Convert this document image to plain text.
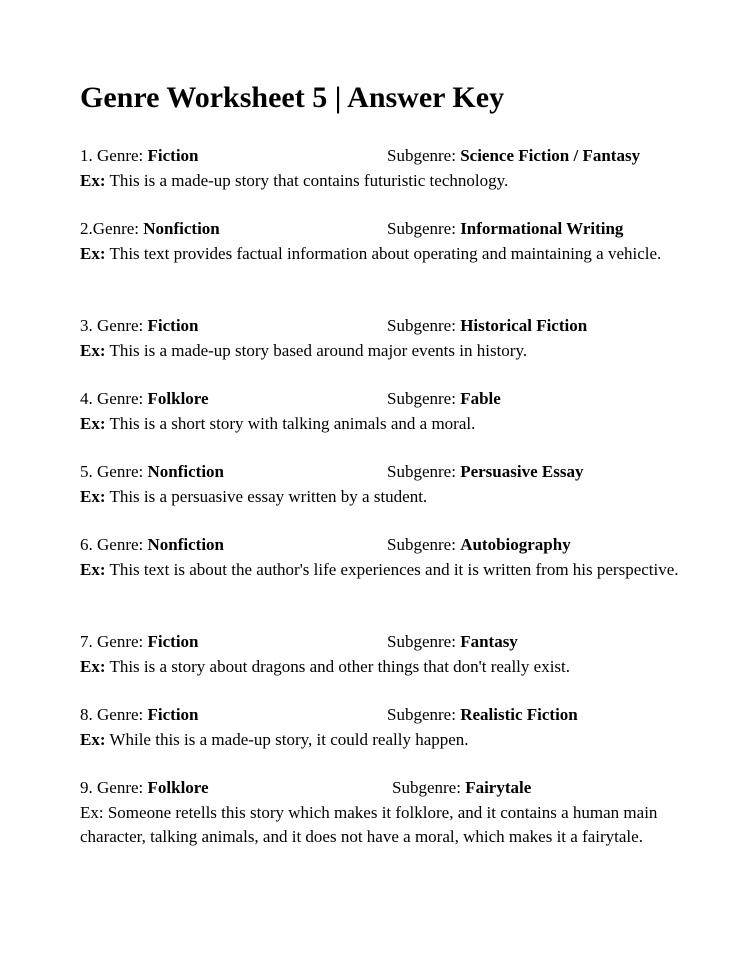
Genre Worksheet 5 | Answer Key
1. Genre: Fiction	Subgenre: Science Fiction / Fantasy

Ex: This is a made-up story that contains futuristic technology.

2.Genre: Nonfiction	Subgenre: Informational Writing

Ex: This text provides factual information about operating and maintaining a vehicle.

3. Genre: Fiction	Subgenre: Historical Fiction

Ex: This is a made-up story based around major events in history.

4. Genre: Folklore	Subgenre: Fable

Ex: This is a short story with talking animals and a moral.

5. Genre: Nonfiction	Subgenre: Persuasive Essay

Ex: This is a persuasive essay written by a student.

6. Genre: Nonfiction	Subgenre: Autobiography

Ex: This text is about the author's life experiences and it is written from his perspective.

7. Genre: Fiction	Subgenre: Fantasy

Ex: This is a story about dragons and other things that don't really exist.

8. Genre: Fiction	Subgenre: Realistic Fiction

Ex: While this is a made-up story, it could really happen.

9. Genre: Folklore	Subgenre: Fairytale

Ex: Someone retells this story which makes it folklore, and it contains a human main character, talking animals, and it does not have a moral, which makes it a fairytale.
